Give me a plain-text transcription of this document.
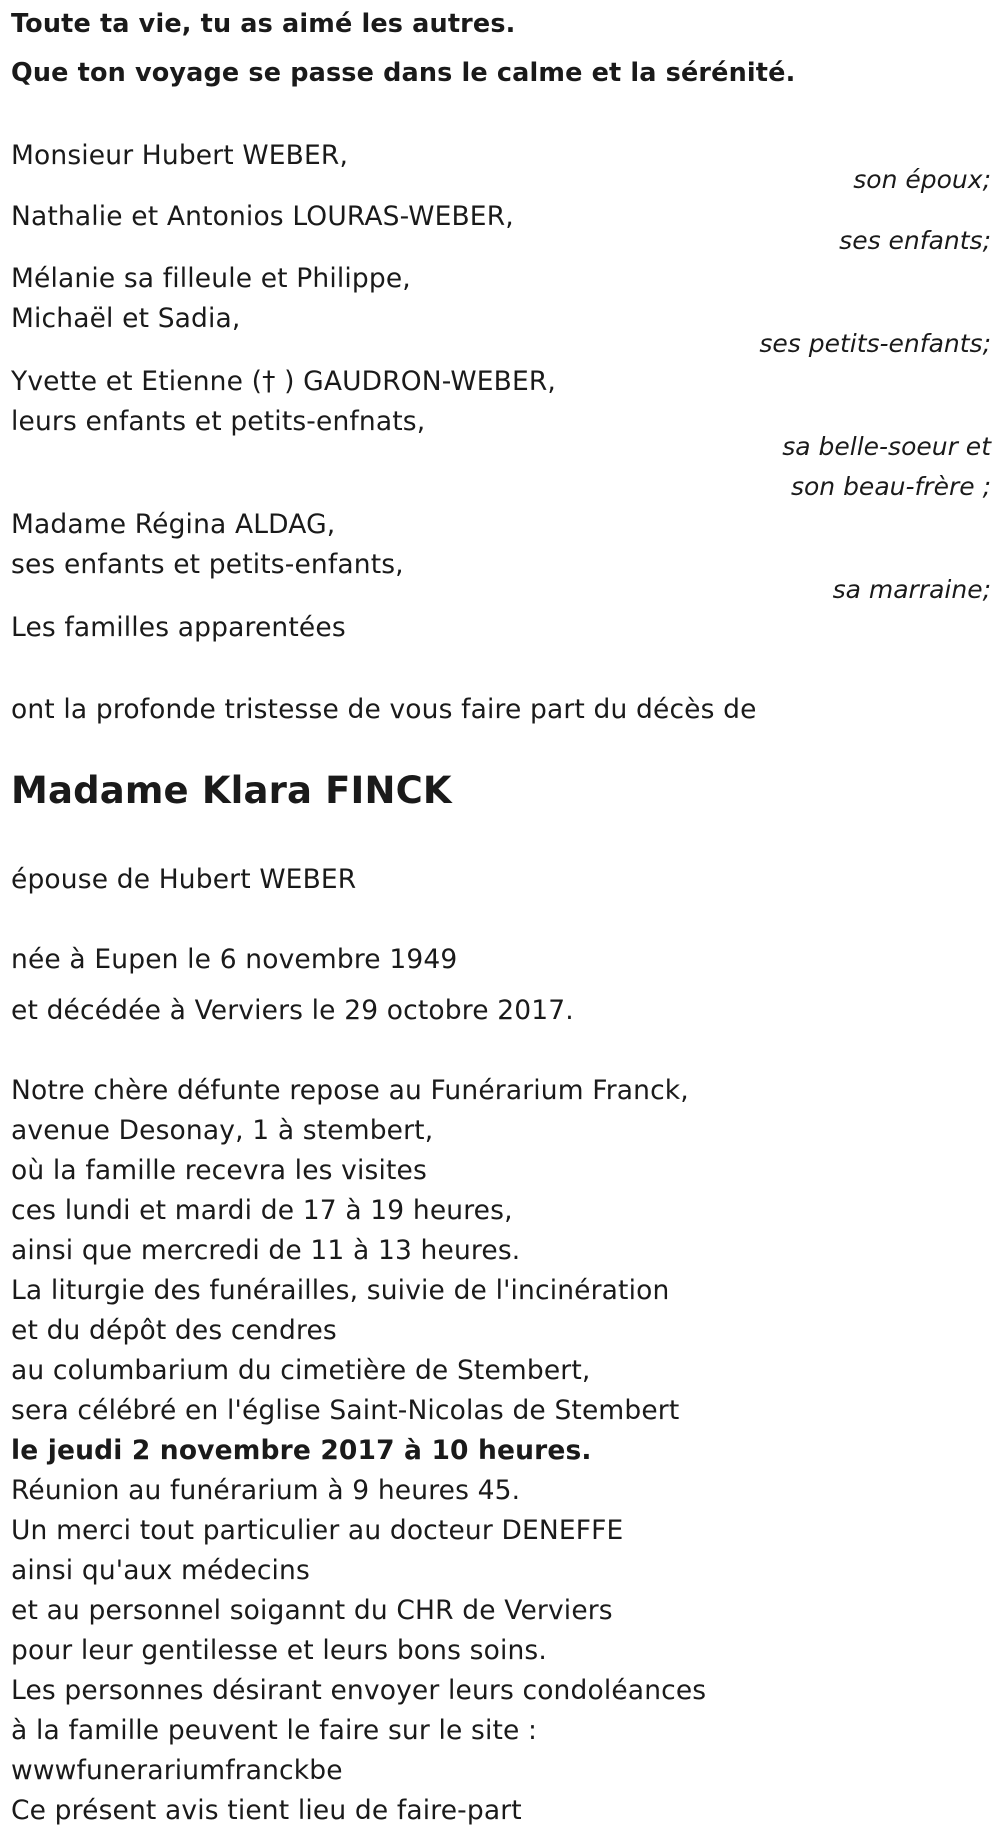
Toute ta vie, tu as aimé les autres.
Que ton voyage se passe dans le calme et la sérénité.
Monsieur Hubert WEBER,
son époux;
Nathalie et Antonios LOURAS-WEBER,
ses enfants;
Mélanie sa filleule et Philippe,
Michaël et Sadia,
ses petits-enfants;
Yvette et Etienne († ) GAUDRON-WEBER,
leurs enfants et petits-enfnats,
sa belle-soeur et
son beau-frère ;
Madame Régina ALDAG,
ses enfants et petits-enfants,
sa marraine;
Les familles apparentées
ont la profonde tristesse de vous faire part du décès de
Madame Klara FINCK
épouse de Hubert WEBER
née à Eupen le 6 novembre 1949
et décédée à Verviers le 29 octobre 2017.
Notre chère défunte repose au Funérarium Franck,
avenue Desonay, 1 à stembert,
où la famille recevra les visites
ces lundi et mardi de 17 à 19 heures,
ainsi que mercredi de 11 à 13 heures.
La liturgie des funérailles, suivie de l'incinération
et du dépôt des cendres
au columbarium du cimetière de Stembert,
sera célébré en l'église Saint-Nicolas de Stembert
le jeudi 2 novembre 2017 à 10 heures.
Réunion au funérarium à 9 heures 45.
Un merci tout particulier au docteur DENEFFE
ainsi qu'aux médecins
et au personnel soigannt du CHR de Verviers
pour leur gentilesse et leurs bons soins.
Les personnes désirant envoyer leurs condoléances
à la famille peuvent le faire sur le site :
wwwfunerariumfranckbe
Ce présent avis tient lieu de faire-part
